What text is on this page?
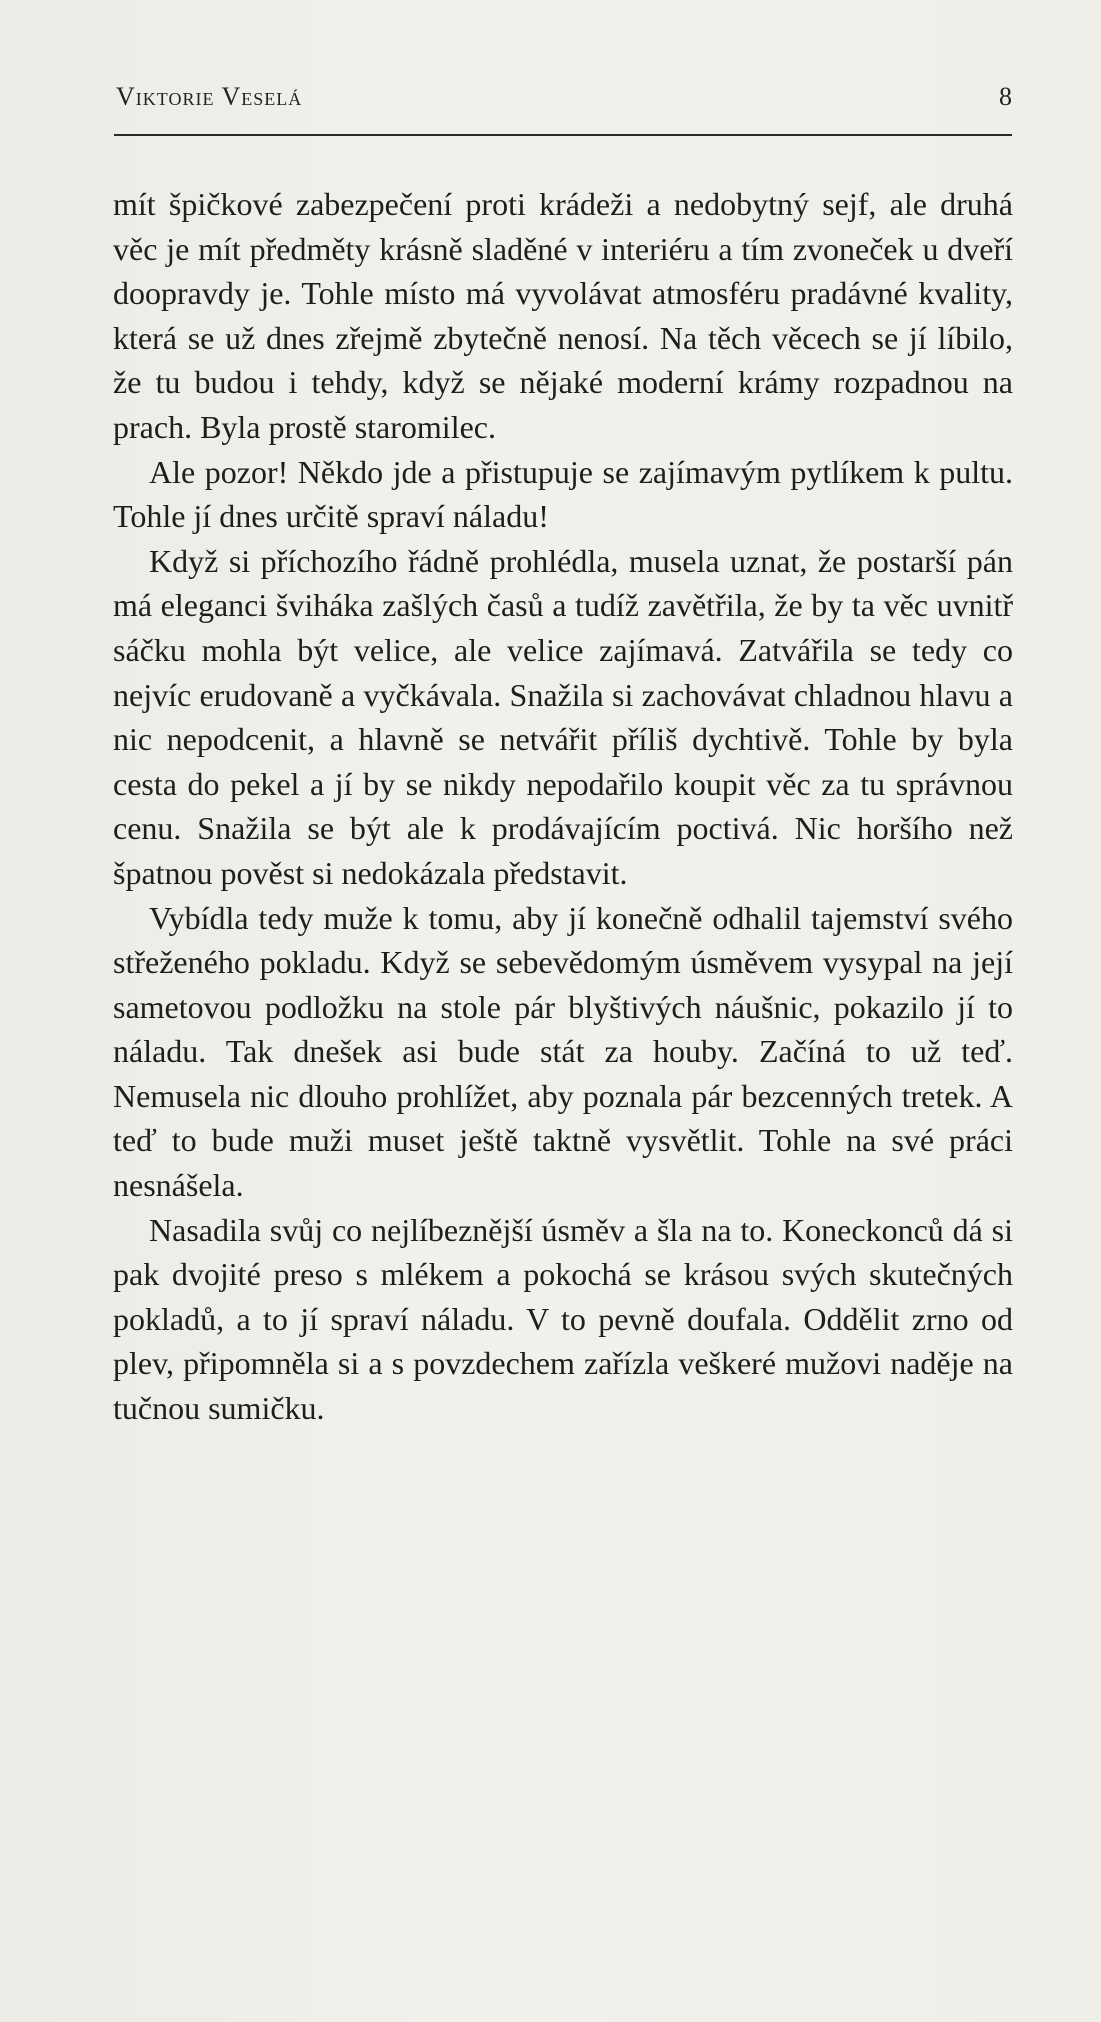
Viktorie Veselá	8

mít špičkové zabezpečení proti krádeži a nedobytný sejf, ale druhá věc je mít předměty krásně sladěné v interiéru a tím zvoneček u dveří doopravdy je. Tohle místo má vyvolávat atmosféru pradávné kvality, která se už dnes zřejmě zbytečně nenosí. Na těch věcech se jí líbilo, že tu budou i tehdy, když se nějaké moderní krámy rozpadnou na prach. Byla prostě staromilec.

Ale pozor! Někdo jde a přistupuje se zajímavým pytlíkem k pultu. Tohle jí dnes určitě spraví náladu!

Když si příchozího řádně prohlédla, musela uznat, že postarší pán má eleganci šviháka zašlých časů a tudíž zavětřila, že by ta věc uvnitř sáčku mohla být velice, ale velice zajímavá. Zatvářila se tedy co nejvíc erudovaně a vyčkávala. Snažila si zachovávat chladnou hlavu a nic nepodcenit, a hlavně se netvářit příliš dychtivě. Tohle by byla cesta do pekel a jí by se nikdy nepodařilo koupit věc za tu správnou cenu. Snažila se být ale k prodávajícím poctivá. Nic horšího než špatnou pověst si nedokázala představit.

Vybídla tedy muže k tomu, aby jí konečně odhalil tajemství svého střeženého pokladu. Když se sebevědomým úsměvem vysypal na její sametovou podložku na stole pár blyštivých náušnic, pokazilo jí to náladu. Tak dnešek asi bude stát za houby. Začíná to už teď. Nemusela nic dlouho prohlížet, aby poznala pár bezcenných tretek. A teď to bude muži muset ještě taktně vysvětlit. Tohle na své práci nesnášela.

Nasadila svůj co nejlíbeznější úsměv a šla na to. Koneckonců dá si pak dvojité preso s mlékem a pokochá se krásou svých skutečných pokladů, a to jí spraví náladu. V to pevně doufala. Oddělit zrno od plev, připomněla si a s povzdechem zařízla veškeré mužovi naděje na tučnou sumičku.
